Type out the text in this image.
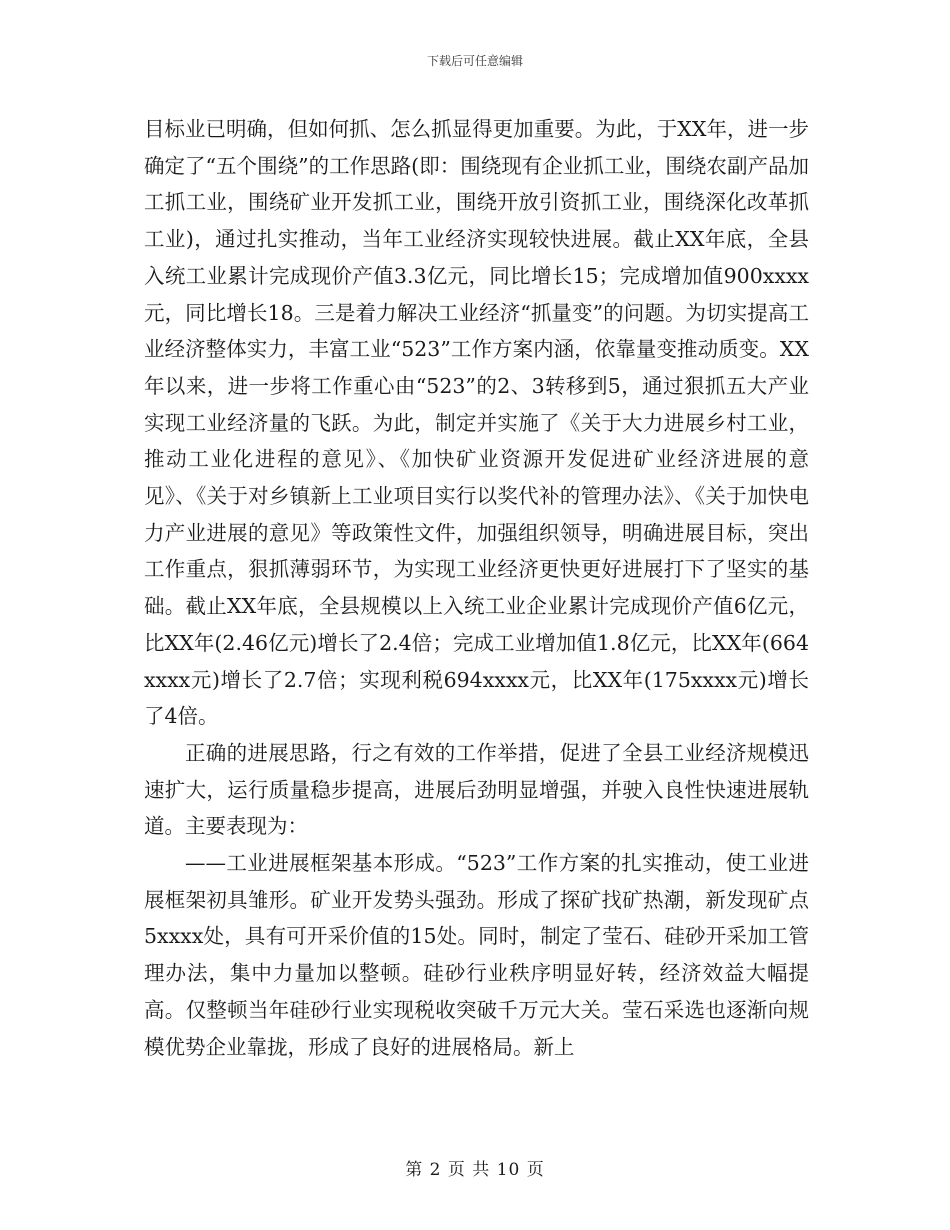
下载后可任意编辑

目标业已明确，但如何抓、怎么抓显得更加重要。为此，于XX年，进一步确定了“五个围绕”的工作思路(即：围绕现有企业抓工业，围绕农副产品加工抓工业，围绕矿业开发抓工业，围绕开放引资抓工业，围绕深化改革抓工业)，通过扎实推动，当年工业经济实现较快进展。截止XX年底，全县入统工业累计完成现价产值3.3亿元，同比增长15；完成增加值900xxxx元，同比增长18。三是着力解决工业经济“抓量变”的问题。为切实提高工业经济整体实力，丰富工业“523”工作方案内涵，依靠量变推动质变。XX年以来，进一步将工作重心由“523”的2、3转移到5，通过狠抓五大产业实现工业经济量的飞跃。为此，制定并实施了《关于大力进展乡村工业，推动工业化进程的意见》、《加快矿业资源开发促进矿业经济进展的意见》、《关于对乡镇新上工业项目实行以奖代补的管理办法》、《关于加快电力产业进展的意见》等政策性文件，加强组织领导，明确进展目标，突出工作重点，狠抓薄弱环节，为实现工业经济更快更好进展打下了坚实的基础。截止XX年底，全县规模以上入统工业企业累计完成现价产值6亿元，比XX年(2.46亿元)增长了2.4倍；完成工业增加值1.8亿元，比XX年(664xxxx元)增长了2.7倍；实现利税694xxxx元，比XX年(175xxxx元)增长了4倍。

正确的进展思路，行之有效的工作举措，促进了全县工业经济规模迅速扩大，运行质量稳步提高，进展后劲明显增强，并驶入良性快速进展轨道。主要表现为：

——工业进展框架基本形成。“523”工作方案的扎实推动，使工业进展框架初具雏形。矿业开发势头强劲。形成了探矿找矿热潮，新发现矿点5xxxx处，具有可开采价值的15处。同时，制定了莹石、硅砂开采加工管理办法，集中力量加以整顿。硅砂行业秩序明显好转，经济效益大幅提高。仅整顿当年硅砂行业实现税收突破千万元大关。莹石采选也逐渐向规模优势企业靠拢，形成了良好的进展格局。新上

第 2 页 共 10 页
